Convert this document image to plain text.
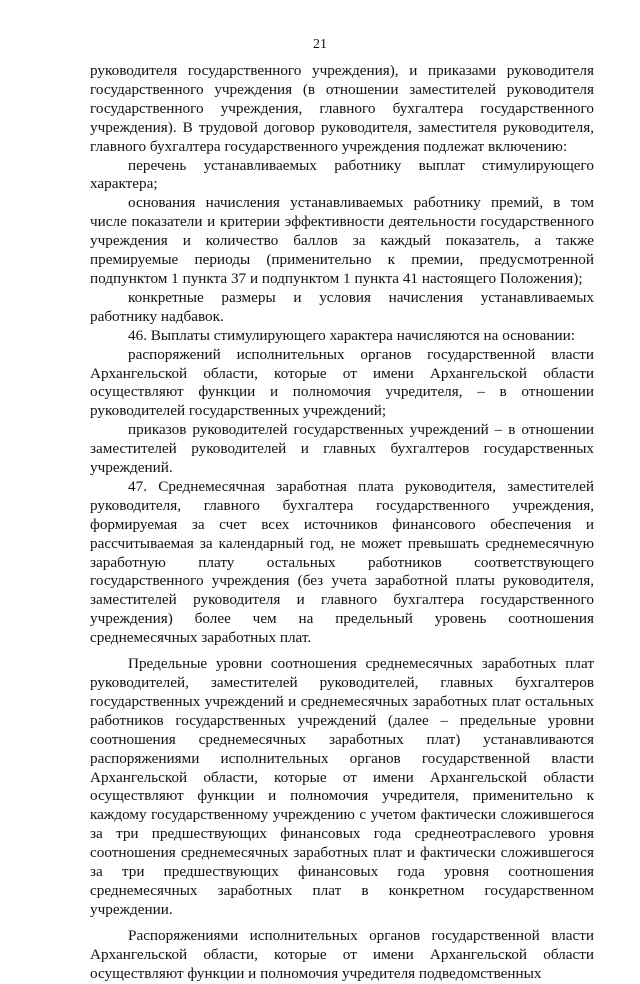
21

руководителя государственного учреждения), и приказами руководителя государственного учреждения (в отношении заместителей руководителя государственного учреждения, главного бухгалтера государственного учреждения). В трудовой договор руководителя, заместителя руководителя, главного бухгалтера государственного учреждения подлежат включению:

перечень устанавливаемых работнику выплат стимулирующего характера;

основания начисления устанавливаемых работнику премий, в том числе показатели и критерии эффективности деятельности государственного учреждения и количество баллов за каждый показатель, а также премируемые периоды (применительно к премии, предусмотренной подпунктом 1 пункта 37 и подпунктом 1 пункта 41 настоящего Положения);

конкретные размеры и условия начисления устанавливаемых работнику надбавок.

46. Выплаты стимулирующего характера начисляются на основании:

распоряжений исполнительных органов государственной власти Архангельской области, которые от имени Архангельской области осуществляют функции и полномочия учредителя, – в отношении руководителей государственных учреждений;

приказов руководителей государственных учреждений – в отношении заместителей руководителей и главных бухгалтеров государственных учреждений.

47. Среднемесячная заработная плата руководителя, заместителей руководителя, главного бухгалтера государственного учреждения, формируемая за счет всех источников финансового обеспечения и рассчитываемая за календарный год, не может превышать среднемесячную заработную плату остальных работников соответствующего государственного учреждения (без учета заработной платы руководителя, заместителей руководителя и главного бухгалтера государственного учреждения) более чем на предельный уровень соотношения среднемесячных заработных плат.

Предельные уровни соотношения среднемесячных заработных плат руководителей, заместителей руководителей, главных бухгалтеров государственных учреждений и среднемесячных заработных плат остальных работников государственных учреждений (далее – предельные уровни соотношения среднемесячных заработных плат) устанавливаются распоряжениями исполнительных органов государственной власти Архангельской области, которые от имени Архангельской области осуществляют функции и полномочия учредителя, применительно к каждому государственному учреждению с учетом фактически сложившегося за три предшествующих финансовых года среднеотраслевого уровня соотношения среднемесячных заработных плат и фактически сложившегося за три предшествующих финансовых года уровня соотношения среднемесячных заработных плат в конкретном государственном учреждении.

Распоряжениями исполнительных органов государственной власти Архангельской области, которые от имени Архангельской области осуществляют функции и полномочия учредителя подведомственных
